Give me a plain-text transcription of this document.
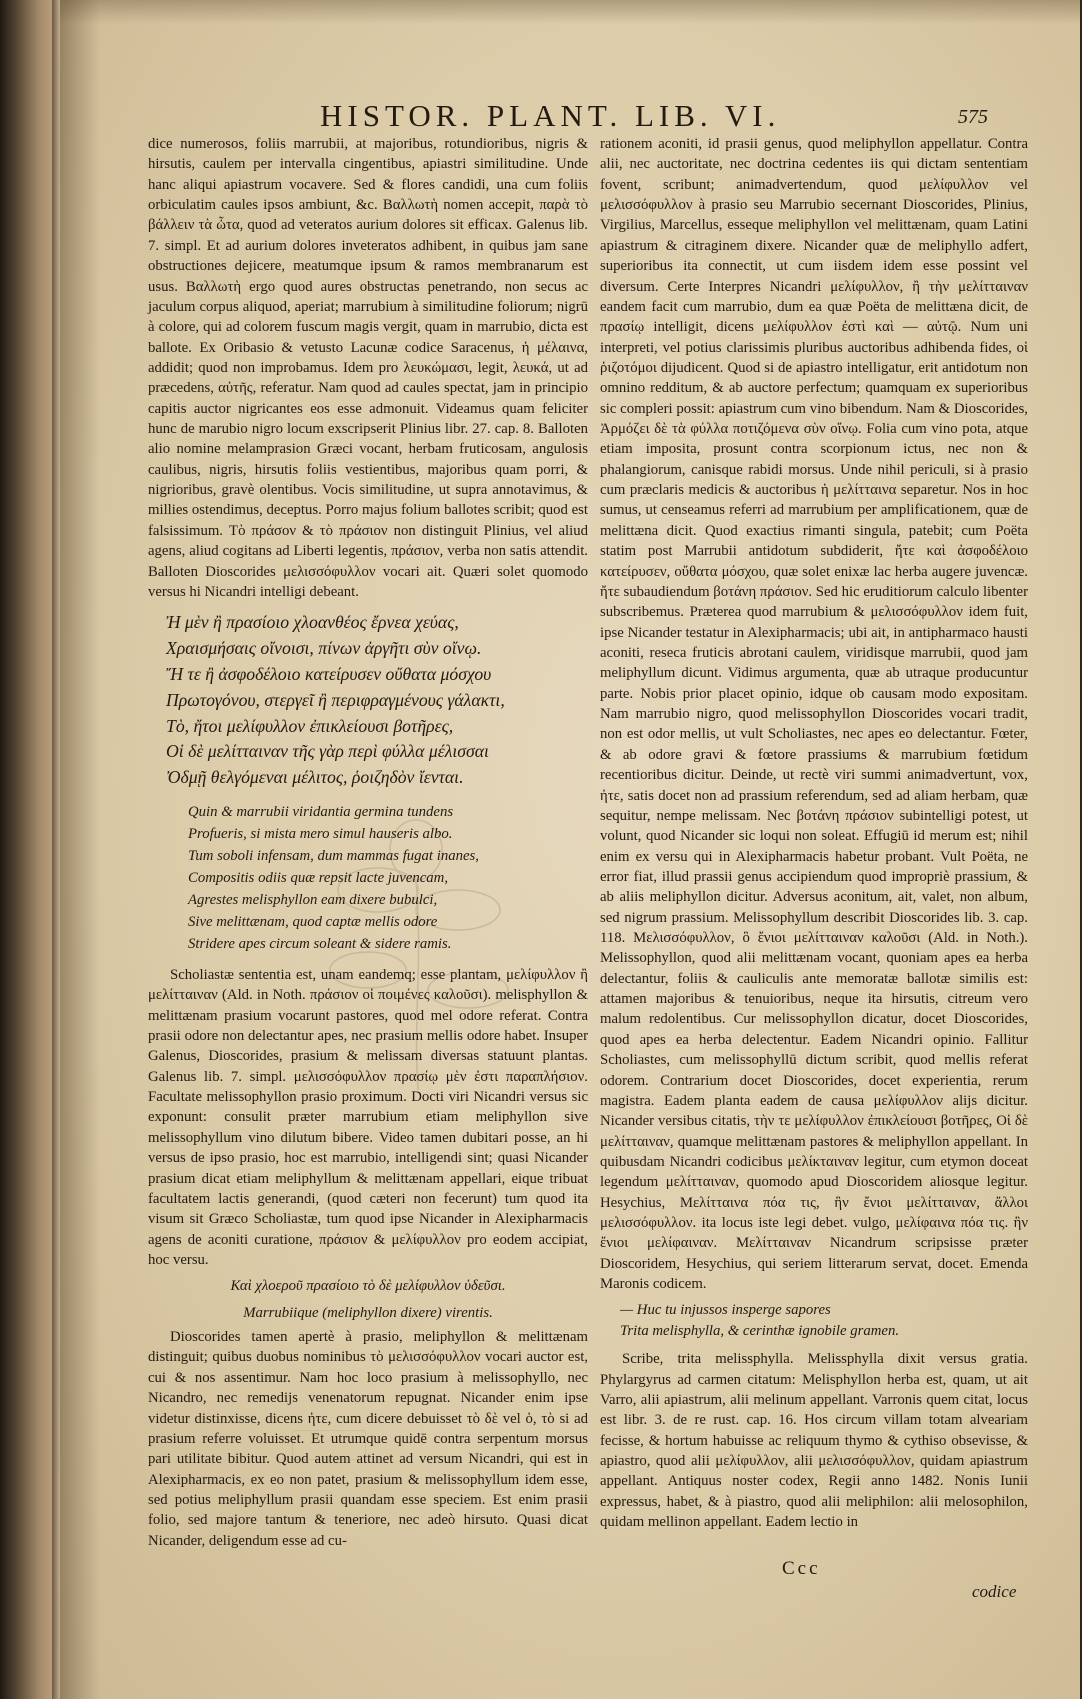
HISTOR. PLANT. LIB. VI.	575

dice numerosos, foliis marrubii, at majoribus, rotundioribus, nigris & hirsutis, caulem per intervalla cingentibus, apiastri similitudine. Unde hanc aliqui apiastrum vocavere. Sed & flores candidi, una cum foliis orbiculatim caules ipsos ambiunt, &c. Βαλλωτὴ nomen accepit, παρὰ τὸ βάλλειν τὰ ὦτα, quod ad veteratos aurium dolores sit efficax. Galenus lib. 7. simpl. Et ad aurium dolores inveteratos adhibent, in quibus jam sane obstructiones dejicere, meatumque ipsum & ramos membranarum est usus. Βαλλωτὴ ergo quod aures obstructas penetrando, non secus ac jaculum corpus aliquod, aperiat; marrubium à similitudine foliorum; nigrū à colore, qui ad colorem fuscum magis vergit, quam in marrubio, dicta est ballote. Ex Oribasio & vetusto Lacunæ codice Saracenus, ἡ μέλαινα, addidit; quod non improbamus. Idem pro λευκώμασι, legit, λευκά, ut ad præcedens, αὐτῆς, referatur. Nam quod ad caules spectat, jam in principio capitis auctor nigricantes eos esse admonuit. Videamus quam feliciter hunc de marubio nigro locum exscripserit Plinius libr. 27. cap. 8. Balloten alio nomine melamprasion Græci vocant, herbam fruticosam, angulosis caulibus, nigris, hirsutis foliis vestientibus, majoribus quam porri, & nigrioribus, gravè olentibus. Vocis similitudine, ut supra annotavimus, & millies ostendimus, deceptus. Porro majus folium ballotes scribit; quod est falsissimum. Τὸ πράσον & τὸ πράσιον non distinguit Plinius, vel aliud agens, aliud cogitans ad Liberti legentis, πράσιον, verba non satis attendit. Balloten Dioscorides μελισσόφυλλον vocari ait. Quæri solet quomodo versus hi Nicandri intelligi debeant.

Ἠ μὲν ἢ πρασίοιο χλοανθέος ἔρνεα χεύας,
Χραισμήσαις οἴνοισι, πίνων ἀργῆτι σὺν οἴνῳ.
Ἤ τε ἢ ἀσφοδέλοιο κατείρυσεν οὔθατα μόσχου
Πρωτογόνου, στεργεῖ ἢ περιφραγμένους γάλακτι,
Τὸ, ἤτοι μελίφυλλον ἐπικλείουσι βοτῆρες,
Οἱ δὲ μελίτταιναν τῆς γὰρ περὶ φύλλα μέλισσαι
Ὀδμῇ θελγόμεναι μέλιτος, ῥοιζηδὸν ἴενται.
Quin & marrubii viridantia germina tundens
Profueris, si mista mero simul hauseris albo.
Tum soboli infensam, dum mammas fugat inanes,
Compositis odiis quæ repsit lacte juvencam,
Agrestes melisphyllon eam dixere bubulci,
Sive melittænam, quod captæ mellis odore
Stridere apes circum soleant & sidere ramis.

Scholiastæ sententia est, unam eandemq; esse plantam, μελίφυλλον ἢ μελίτταιναν (Ald. in Noth. πράσιον οἱ ποιμένες καλοῦσι). melisphyllon & melittænam prasium vocarunt pastores, quod mel odore referat. Contra prasii odore non delectantur apes, nec prasium mellis odore habet. Insuper Galenus, Dioscorides, prasium & melissam diversas statuunt plantas. Galenus lib. 7. simpl. μελισσόφυλλον πρασίῳ μὲν ἐστι παραπλήσιον. Facultate melissophyllon prasio proximum. Docti viri Nicandri versus sic exponunt: consulit præter marrubium etiam meliphyllon sive melissophyllum vino dilutum bibere. Video tamen dubitari posse, an hi versus de ipso prasio, hoc est marrubio, intelligendi sint; quasi Nicander prasium dicat etiam meliphyllum & melittænam appellari, eique tribuat facultatem lactis generandi, (quod cæteri non fecerunt) tum quod ita visum sit Græco Scholiastæ, tum quod ipse Nicander in Alexipharmacis agens de aconiti curatione, πράσιον & μελίφυλλον pro eodem accipiat, hoc versu.

Καὶ χλοεροῦ πρασίοιο τὸ δὲ μελίφυλλον ὑδεῦσι.
Marrubiique (meliphyllon dixere) virentis.

Dioscorides tamen apertè à prasio, meliphyllon & melittænam distinguit; quibus duobus nominibus τὸ μελισσόφυλλον vocari auctor est, cui & nos assentimur. Nam hoc loco prasium à melissophyllo, nec Nicandro, nec remedijs venenatorum repugnat. Nicander enim ipse videtur distinxisse, dicens ἠτε, cum dicere debuisset τὸ δὲ vel ὁ, τὸ si ad prasium referre voluisset. Et utrumque quidē contra serpentum morsus pari utilitate bibitur. Quod autem attinet ad versum Nicandri, qui est in Alexipharmacis, ex eo non patet, prasium & melissophyllum idem esse, sed potius meliphyllum prasii quandam esse speciem. Est enim prasii folio, sed majore tantum & teneriore, nec adeò hirsuto. Quasi dicat Nicander, deligendum esse ad cu-

rationem aconiti, id prasii genus, quod meliphyllon appellatur. Contra alii, nec auctoritate, nec doctrina cedentes iis qui dictam sententiam fovent, scribunt; animadvertendum, quod μελίφυλλον vel μελισσόφυλλον à prasio seu Marrubio secernant Dioscorides, Plinius, Virgilius, Marcellus, esseque meliphyllon vel melittænam, quam Latini apiastrum & citraginem dixere. Nicander quæ de meliphyllo adfert, superioribus ita connectit, ut cum iisdem idem esse possint vel diversum. Certe Interpres Nicandri μελίφυλλον, ἢ τὴν μελίτταιναν eandem facit cum marrubio, dum ea quæ Poëta de melittæna dicit, de πρασίῳ intelligit, dicens μελίφυλλον ἐστὶ καὶ — αὐτῷ. Num uni interpreti, vel potius clarissimis pluribus auctoribus adhibenda fides, οἱ ῥιζοτόμοι dijudicent. Quod si de apiastro intelligatur, erit antidotum non omnino redditum, & ab auctore perfectum; quamquam ex superioribus sic compleri possit: apiastrum cum vino bibendum. Nam & Dioscorides, Ἀρμόζει δὲ τὰ φύλλα ποτιζόμενα σὺν οἴνῳ. Folia cum vino pota, atque etiam imposita, prosunt contra scorpionum ictus, nec non & phalangiorum, canisque rabidi morsus. Unde nihil periculi, si à prasio cum præclaris medicis & auctoribus ἡ μελίτταινα separetur. Nos in hoc sumus, ut censeamus referri ad marrubium per amplificationem, quæ de melittæna dicit. Quod exactius rimanti singula, patebit; cum Poëta statim post Marrubii antidotum subdiderit, ἤτε καὶ ἀσφοδέλοιο κατείρυσεν, οὔθατα μόσχου, quæ solet enixæ lac herba augere juvencæ. ἤτε subaudiendum βοτάνη πράσιον. Sed hic eruditiorum calculo libenter subscribemus. Præterea quod marrubium & μελισσόφυλλον idem fuit, ipse Nicander testatur in Alexipharmacis; ubi ait, in antipharmaco hausti aconiti, reseca fruticis abrotani caulem, viridisque marrubii, quod jam meliphyllum dicunt. Vidimus argumenta, quæ ab utraque producuntur parte. Nobis prior placet opinio, idque ob causam modo expositam. Nam marrubio nigro, quod melissophyllon Dioscorides vocari tradit, non est odor mellis, ut vult Scholiastes, nec apes eo delectantur. Fœter, & ab odore gravi & fœtore prassiums & marrubium fœtidum recentioribus dicitur. Deinde, ut rectè viri summi animadvertunt, vox, ἠτε, satis docet non ad prassium referendum, sed ad aliam herbam, quæ sequitur, nempe melissam. Nec βοτάνη πράσιον subintelligi potest, ut volunt, quod Nicander sic loqui non soleat. Effugiū id merum est; nihil enim ex versu qui in Alexipharmacis habetur probant. Vult Poëta, ne error fiat, illud prassii genus accipiendum quod impropriè prassium, & ab aliis meliphyllon dicitur. Adversus aconitum, ait, valet, non album, sed nigrum prassium. Melissophyllum describit Dioscorides lib. 3. cap. 118. Μελισσόφυλλον, ὃ ἔνιοι μελίτταιναν καλοῦσι (Ald. in Noth.). Melissophyllon, quod alii melittænam vocant, quoniam apes ea herba delectantur, foliis & cauliculis ante memoratæ ballotæ similis est: attamen majoribus & tenuioribus, neque ita hirsutis, citreum vero malum redolentibus. Cur melissophyllon dicatur, docet Dioscorides, quod apes ea herba delectentur. Eadem Nicandri opinio. Fallitur Scholiastes, cum melissophyllū dictum scribit, quod mellis referat odorem. Contrarium docet Dioscorides, docet experientia, rerum magistra. Eadem planta eadem de causa μελίφυλλον alijs dicitur. Nicander versibus citatis, τὴν τε μελίφυλλον ἐπικλείουσι βοτῆρες, Οἱ δὲ μελίτταιναν, quamque melittænam pastores & meliphyllon appellant. In quibusdam Nicandri codicibus μελίκταιναν legitur, cum etymon doceat legendum μελίτταιναν, quomodo apud Dioscoridem aliosque legitur. Hesychius, Μελίτταινα πόα τις, ἣν ἔνιοι μελίτταιναν, ἄλλοι μελισσόφυλλον. ita locus iste legi debet. vulgo, μελίφαινα πόα τις. ἣν ἔνιοι μελίφαιναν. Μελίτταιναν Nicandrum scripsisse præter Dioscoridem, Hesychius, qui seriem litterarum servat, docet. Emenda Maronis codicem.

— Huc tu injussos insperge sapores
Trita melisphylla, & cerinthæ ignobile gramen.

Scribe, trita melissphylla. Melissphylla dixit versus gratia. Phylargyrus ad carmen citatum: Melisphyllon herba est, quam, ut ait Varro, alii apiastrum, alii melinum appellant. Varronis quem citat, locus est libr. 3. de re rust. cap. 16. Hos circum villam totam alveariam fecisse, & hortum habuisse ac reliquum thymo & cythiso obsevisse, & apiastro, quod alii μελίφυλλον, alii μελισσόφυλλον, quidam apiastrum appellant. Antiquus noster codex, Regii anno 1482. Nonis Iunii expressus, habet, & à piastro, quod alii meliphilon: alii melosophilon, quidam mellinon appellant. Eadem lectio in

Ccc
codice
